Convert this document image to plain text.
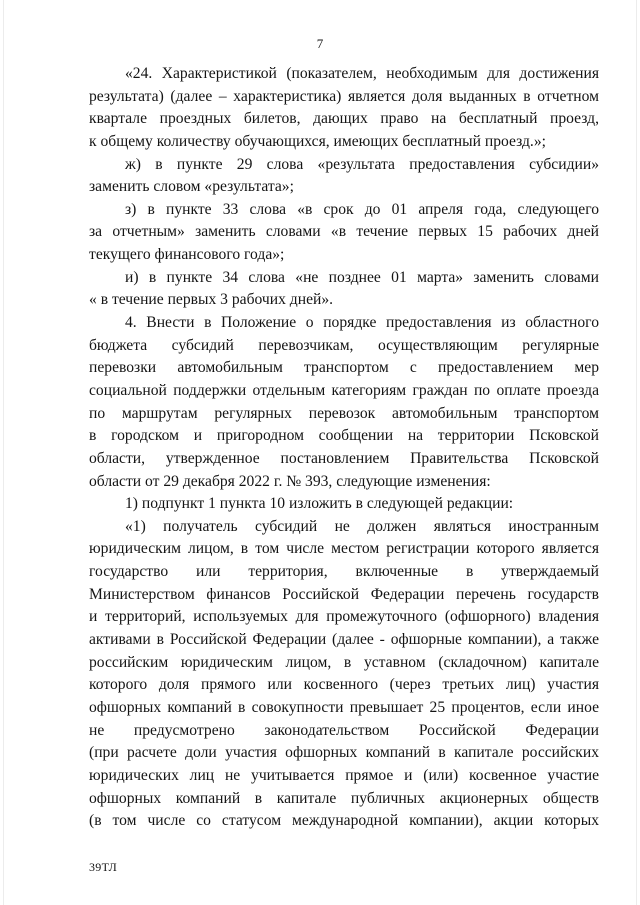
7
«24. Характеристикой (показателем, необходимым для достижения
результата) (далее – характеристика) является доля выданных в отчетном
квартале проездных билетов, дающих право на бесплатный проезд,
к общему количеству обучающихся, имеющих бесплатный проезд.»;
ж) в пункте 29 слова «результата предоставления субсидии»
заменить словом «результата»;
з) в пункте 33 слова «в срок до 01 апреля года, следующего
за отчетным» заменить словами «в течение первых 15 рабочих дней
текущего финансового года»;
и) в пункте 34 слова «не позднее 01 марта» заменить словами
« в течение первых 3 рабочих дней».
4. Внести в Положение о порядке предоставления из областного
бюджета субсидий перевозчикам, осуществляющим регулярные
перевозки автомобильным транспортом с предоставлением мер
социальной поддержки отдельным категориям граждан по оплате проезда
по маршрутам регулярных перевозок автомобильным транспортом
в городском и пригородном сообщении на территории Псковской
области, утвержденное постановлением Правительства Псковской
области от 29 декабря 2022 г. № 393, следующие изменения:
1) подпункт 1 пункта 10 изложить в следующей редакции:
«1) получатель субсидий не должен являться иностранным
юридическим лицом, в том числе местом регистрации которого является
государство или территория, включенные в утверждаемый
Министерством финансов Российской Федерации перечень государств
и территорий, используемых для промежуточного (офшорного) владения
активами в Российской Федерации (далее - офшорные компании), а также
российским юридическим лицом, в уставном (складочном) капитале
которого доля прямого или косвенного (через третьих лиц) участия
офшорных компаний в совокупности превышает 25 процентов, если иное
не предусмотрено законодательством Российской Федерации
(при расчете доли участия офшорных компаний в капитале российских
юридических лиц не учитывается прямое и (или) косвенное участие
офшорных компаний в капитале публичных акционерных обществ
(в том числе со статусом международной компании), акции которых
39ТЛ
